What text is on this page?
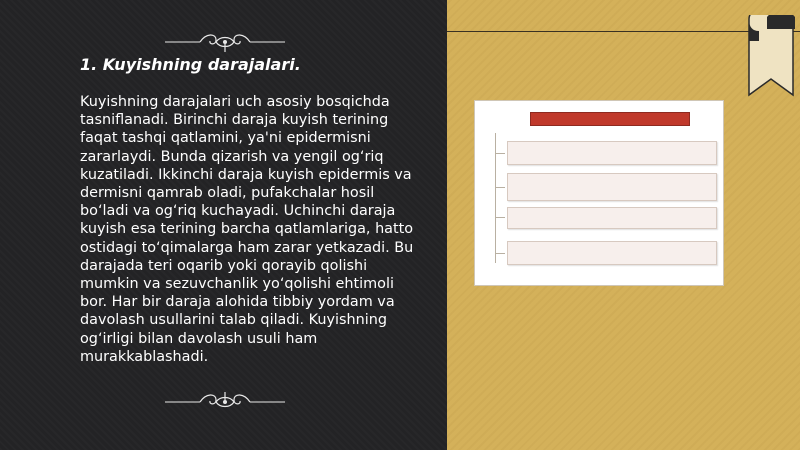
1. Kuyishning darajalari.

Kuyishning darajalari uch asosiy bosqichda tasniflanadi. Birinchi daraja kuyish terining faqat tashqi qatlamini, ya'ni epidermisni zararlaydi. Bunda qizarish va yengil og‘riq kuzatiladi. Ikkinchi daraja kuyish epidermis va dermisni qamrab oladi, pufakchalar hosil bo‘ladi va og‘riq kuchayadi. Uchinchi daraja kuyish esa terining barcha qatlamlariga, hatto ostidagi to‘qimalarga ham zarar yetkazadi. Bu darajada teri oqarib yoki qorayib qolishi mumkin va sezuvchanlik yo‘qolishi ehtimoli bor. Har bir daraja alohida tibbiy yordam va davolash usullarini talab qiladi. Kuyishning og‘irligi bilan davolash usuli ham murakkablashadi.
